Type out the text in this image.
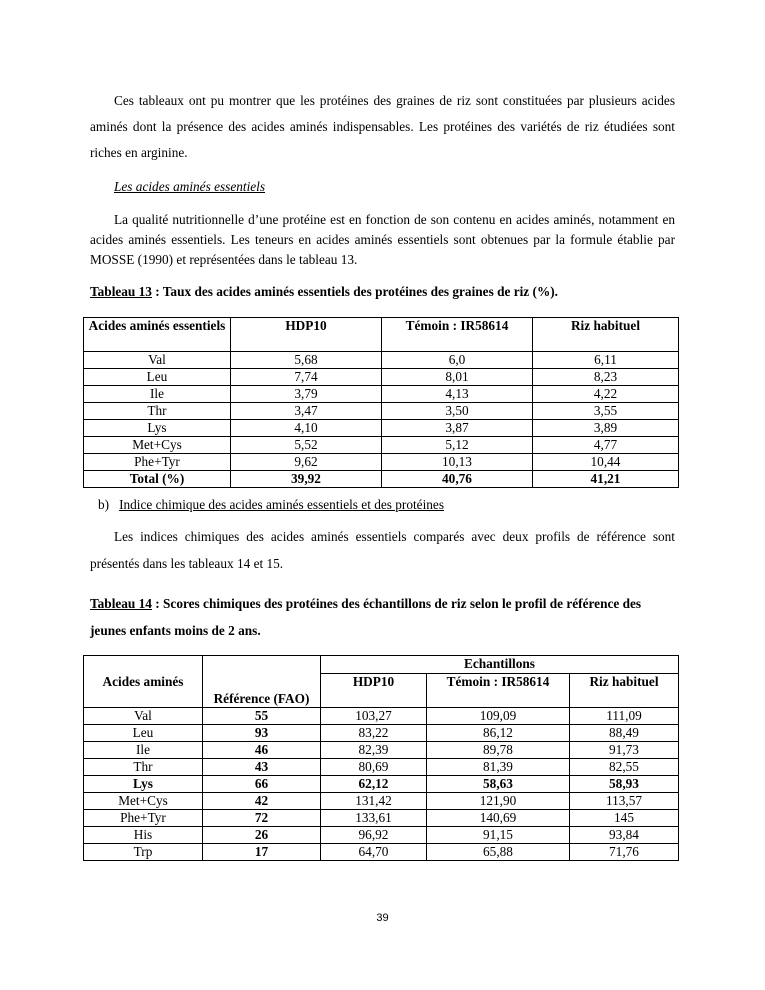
Ces tableaux ont pu montrer que les protéines des graines de riz sont constituées par plusieurs acides aminés dont la présence des acides aminés indispensables. Les protéines des variétés de riz étudiées sont riches en arginine.

Les acides aminés essentiels

La qualité nutritionnelle d’une protéine est en fonction de son contenu en acides aminés, notamment en acides aminés essentiels. Les teneurs en acides aminés essentiels sont obtenues par la formule établie par MOSSE (1990) et représentées dans le tableau 13.

Tableau 13 : Taux des acides aminés essentiels des protéines des graines de riz (%).

Acides aminés essentiels	HDP10	Témoin : IR58614	Riz habituel
Val	5,68	6,0	6,11
Leu	7,74	8,01	8,23
Ile	3,79	4,13	4,22
Thr	3,47	3,50	3,55
Lys	4,10	3,87	3,89
Met+Cys	5,52	5,12	4,77
Phe+Tyr	9,62	10,13	10,44
Total (%)	39,92	40,76	41,21

b) Indice chimique des acides aminés essentiels et des protéines

Les indices chimiques des acides aminés essentiels comparés avec deux profils de référence sont présentés dans les tableaux 14 et 15.

Tableau 14 : Scores chimiques des protéines des échantillons de riz selon le profil de référence des jeunes enfants moins de 2 ans.

Acides aminés	Référence (FAO)	Echantillons		
		HDP10	Témoin : IR58614	Riz habituel
Val	55	103,27	109,09	111,09
Leu	93	83,22	86,12	88,49
Ile	46	82,39	89,78	91,73
Thr	43	80,69	81,39	82,55
Lys	66	62,12	58,63	58,93
Met+Cys	42	131,42	121,90	113,57
Phe+Tyr	72	133,61	140,69	145
His	26	96,92	91,15	93,84
Trp	17	64,70	65,88	71,76
39
